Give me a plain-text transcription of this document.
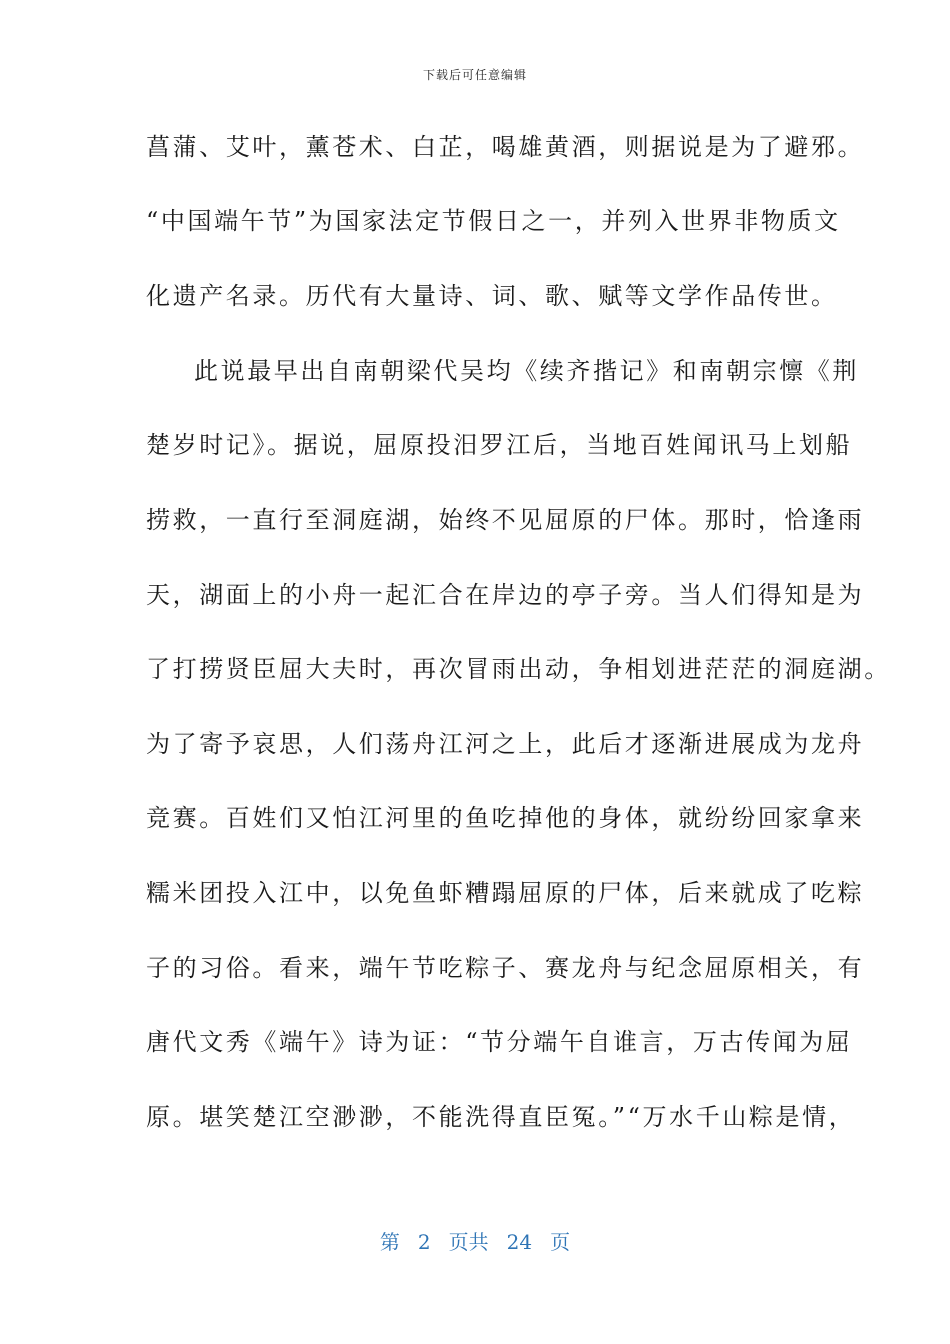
下载后可任意编辑
菖蒲、艾叶，薰苍术、白芷，喝雄黄酒，则据说是为了避邪。
“中国端午节”为国家法定节假日之一，并列入世界非物质文
化遗产名录。历代有大量诗、词、歌、赋等文学作品传世。
此说最早出自南朝梁代吴均《续齐揩记》和南朝宗懔《荆
楚岁时记》。据说，屈原投汨罗江后，当地百姓闻讯马上划船
捞救，一直行至洞庭湖，始终不见屈原的尸体。那时，恰逢雨
天，湖面上的小舟一起汇合在岸边的亭子旁。当人们得知是为
了打捞贤臣屈大夫时，再次冒雨出动，争相划进茫茫的洞庭湖。
为了寄予哀思，人们荡舟江河之上，此后才逐渐进展成为龙舟
竞赛。百姓们又怕江河里的鱼吃掉他的身体，就纷纷回家拿来
糯米团投入江中，以免鱼虾糟蹋屈原的尸体，后来就成了吃粽
子的习俗。看来，端午节吃粽子、赛龙舟与纪念屈原相关，有
唐代文秀《端午》诗为证：“节分端午自谁言，万古传闻为屈
原。堪笑楚江空渺渺，不能洗得直臣冤。”“万水千山粽是情，
第 2 页共 24 页
